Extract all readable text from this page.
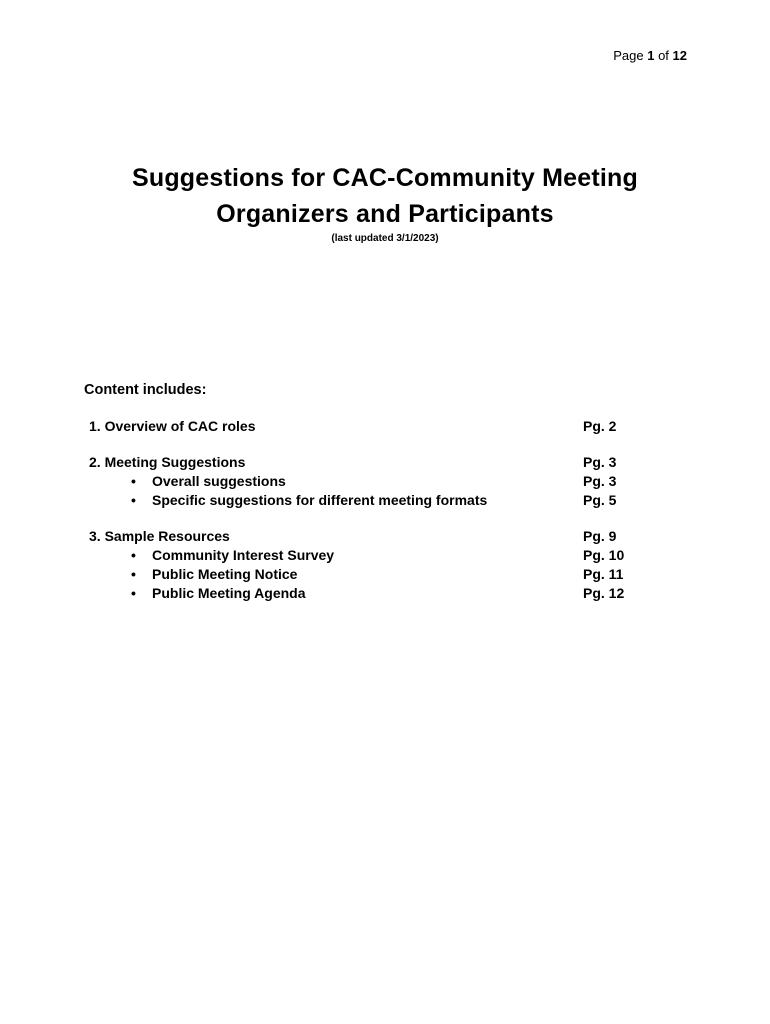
Page 1 of 12
Suggestions for CAC-Community Meeting
Organizers and Participants
(last updated 3/1/2023)
Content includes:
1. Overview of CAC roles	Pg. 2
2. Meeting Suggestions	Pg. 3
• Overall suggestions	Pg. 3
• Specific suggestions for different meeting formats	Pg. 5
3. Sample Resources	Pg. 9
• Community Interest Survey	Pg. 10
• Public Meeting Notice	Pg. 11
• Public Meeting Agenda	Pg. 12
